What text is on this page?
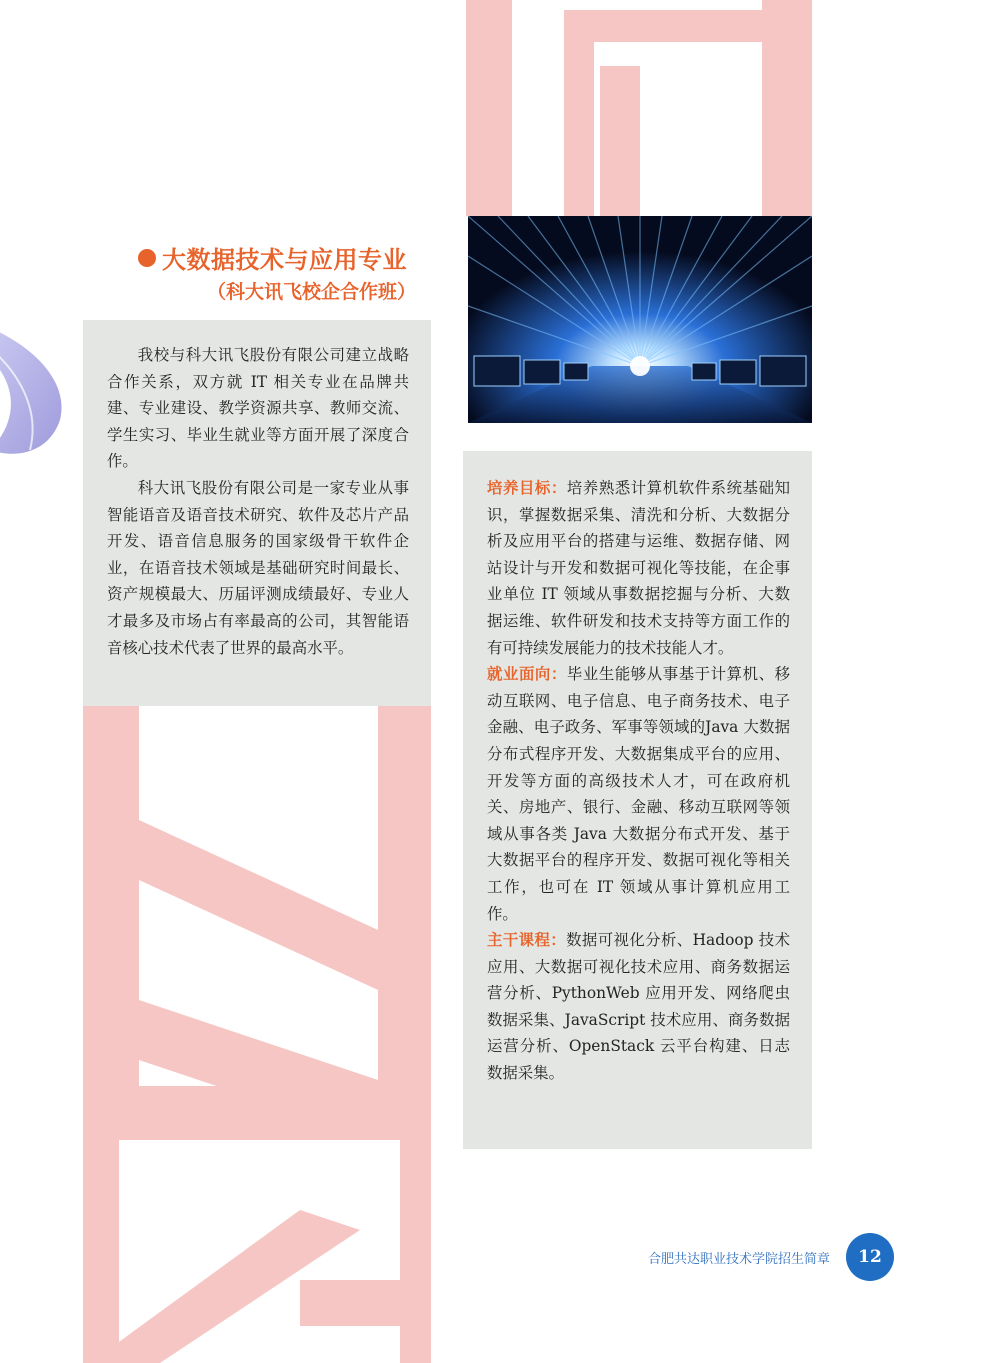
大数据技术与应用专业
（科大讯飞校企合作班）

我校与科大讯飞股份有限公司建立战略合作关系，双方就 IT 相关专业在品牌共建、专业建设、教学资源共享、教师交流、学生实习、毕业生就业等方面开展了深度合作。

科大讯飞股份有限公司是一家专业从事智能语音及语音技术研究、软件及芯片产品开发、语音信息服务的国家级骨干软件企业，在语音技术领域是基础研究时间最长、资产规模最大、历届评测成绩最好、专业人才最多及市场占有率最高的公司，其智能语音核心技术代表了世界的最高水平。

培养目标：培养熟悉计算机软件系统基础知识，掌握数据采集、清洗和分析、大数据分析及应用平台的搭建与运维、数据存储、网站设计与开发和数据可视化等技能，在企事业单位 IT 领域从事数据挖掘与分析、大数据运维、软件研发和技术支持等方面工作的有可持续发展能力的技术技能人才。

就业面向：毕业生能够从事基于计算机、移动互联网、电子信息、电子商务技术、电子金融、电子政务、军事等领域的Java 大数据分布式程序开发、大数据集成平台的应用、开发等方面的高级技术人才，可在政府机关、房地产、银行、金融、移动互联网等领域从事各类 Java 大数据分布式开发、基于大数据平台的程序开发、数据可视化等相关工作，也可在 IT 领域从事计算机应用工作。

主干课程：数据可视化分析、Hadoop 技术应用、大数据可视化技术应用、商务数据运营分析、PythonWeb 应用开发、网络爬虫数据采集、JavaScript 技术应用、商务数据运营分析、OpenStack 云平台构建、日志数据采集。

合肥共达职业技术学院招生简章	12
